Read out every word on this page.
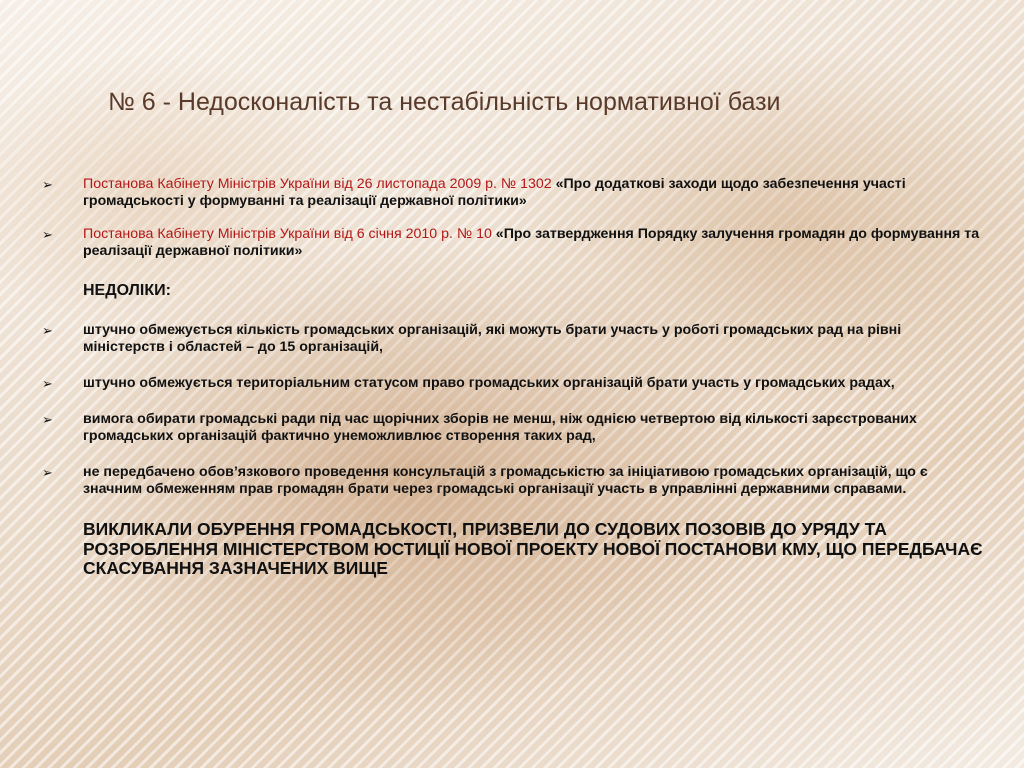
№ 6 - Недосконалість та нестабільність нормативної бази
➢ Постанова Кабінету Міністрів України від 26 листопада 2009 р. № 1302 «Про додаткові заходи щодо забезпечення участі громадськості у формуванні та реалізації державної політики»
➢ Постанова Кабінету Міністрів України від 6 січня 2010 р. № 10 «Про затвердження Порядку залучення громадян до формування та реалізації державної політики»
НЕДОЛІКИ:
➢ штучно обмежується кількість громадських організацій, які можуть брати участь у роботі громадських рад на рівні міністерств і областей – до 15 організацій,
➢ штучно обмежується територіальним статусом право громадських організацій брати участь у громадських радах,
➢ вимога обирати громадські ради під час щорічних зборів не менш, ніж однією четвертою від кількості зарєстрованих громадських організацій фактично унеможливлює створення таких рад,
➢ не передбачено обов’язкового проведення консультацій з громадськістю за ініціативою громадських організацій, що є значним обмеженням прав громадян брати через громадські організації участь в управлінні державними справами.
ВИКЛИКАЛИ ОБУРЕННЯ ГРОМАДСЬКОСТІ, ПРИЗВЕЛИ ДО СУДОВИХ ПОЗОВІВ ДО УРЯДУ ТА РОЗРОБЛЕННЯ МІНІСТЕРСТВОМ ЮСТИЦІЇ НОВОЇ ПРОЕКТУ НОВОЇ ПОСТАНОВИ КМУ, ЩО ПЕРЕДБАЧАЄ СКАСУВАННЯ ЗАЗНАЧЕНИХ ВИЩЕ
